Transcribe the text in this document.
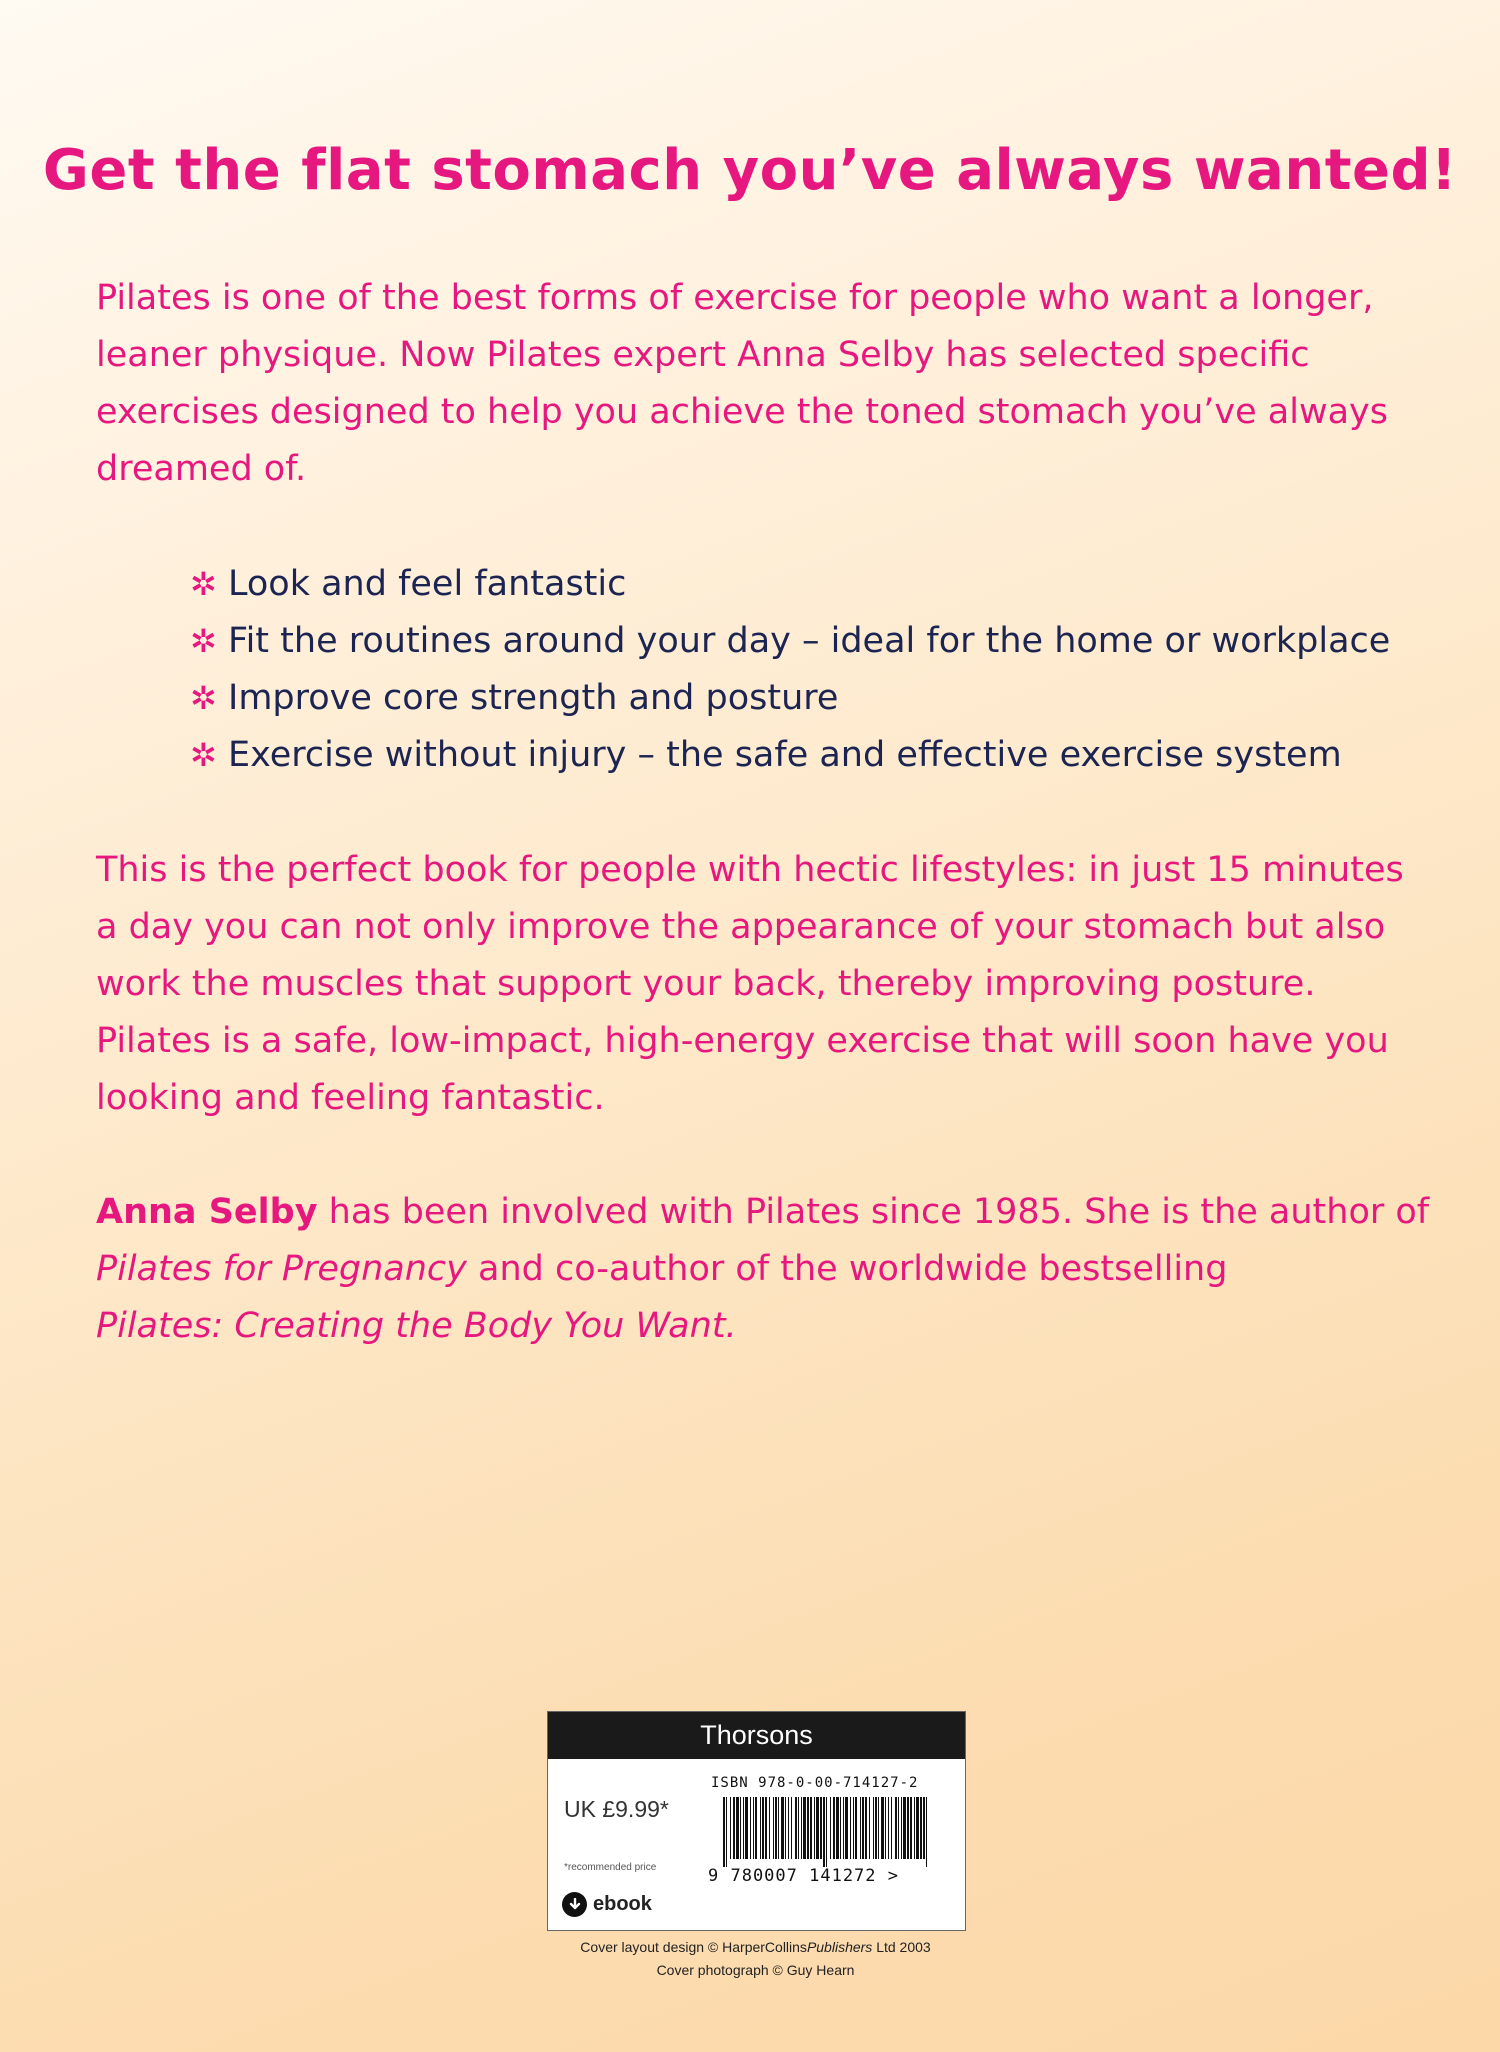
Get the flat stomach you’ve always wanted!

Pilates is one of the best forms of exercise for people who want a longer, leaner physique. Now Pilates expert Anna Selby has selected specific exercises designed to help you achieve the toned stomach you’ve always dreamed of.

✲ Look and feel fantastic
✲ Fit the routines around your day – ideal for the home or workplace
✲ Improve core strength and posture
✲ Exercise without injury – the safe and effective exercise system

This is the perfect book for people with hectic lifestyles: in just 15 minutes a day you can not only improve the appearance of your stomach but also work the muscles that support your back, thereby improving posture. Pilates is a safe, low-impact, high-energy exercise that will soon have you looking and feeling fantastic.

Anna Selby has been involved with Pilates since 1985. She is the author of Pilates for Pregnancy and co-author of the worldwide bestselling
Pilates: Creating the Body You Want.

Thorsons
UK £9.99*
*recommended price
ebook
ISBN 978-0-00-714127-2
9 780007 141272 >
Cover layout design © HarperCollinsPublishers Ltd 2003
Cover photograph © Guy Hearn
